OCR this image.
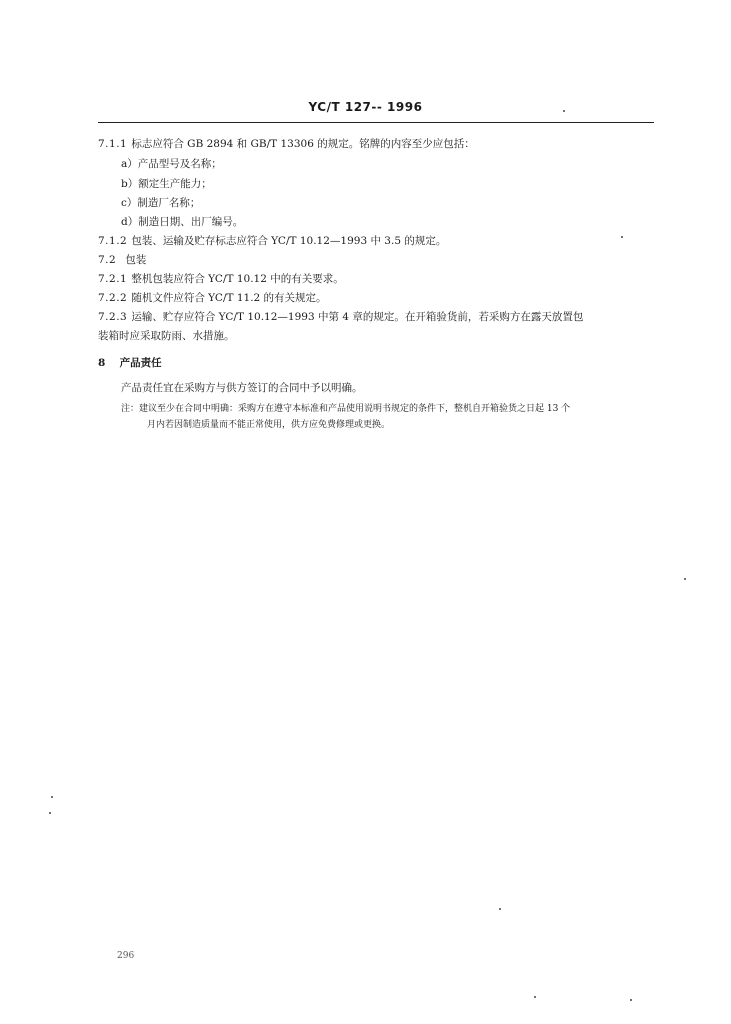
YC/T 127-- 1996
7.1.1 标志应符合 GB 2894 和 GB/T 13306 的规定。铭牌的内容至少应包括：
a）产品型号及名称；
b）额定生产能力；
c）制造厂名称；
d）制造日期、出厂编号。
7.1.2 包装、运输及贮存标志应符合 YC/T 10.12—1993 中 3.5 的规定。
7.2 包装
7.2.1 整机包装应符合 YC/T 10.12 中的有关要求。
7.2.2 随机文件应符合 YC/T 11.2 的有关规定。
7.2.3 运输、贮存应符合 YC/T 10.12—1993 中第 4 章的规定。在开箱验货前，若采购方在露天放置包
装箱时应采取防雨、水措施。
8 产品责任
产品责任宜在采购方与供方签订的合同中予以明确。
注：建议至少在合同中明确：采购方在遵守本标准和产品使用说明书规定的条件下，整机自开箱验货之日起 13 个
月内若因制造质量而不能正常使用，供方应免费修理或更换。
296
